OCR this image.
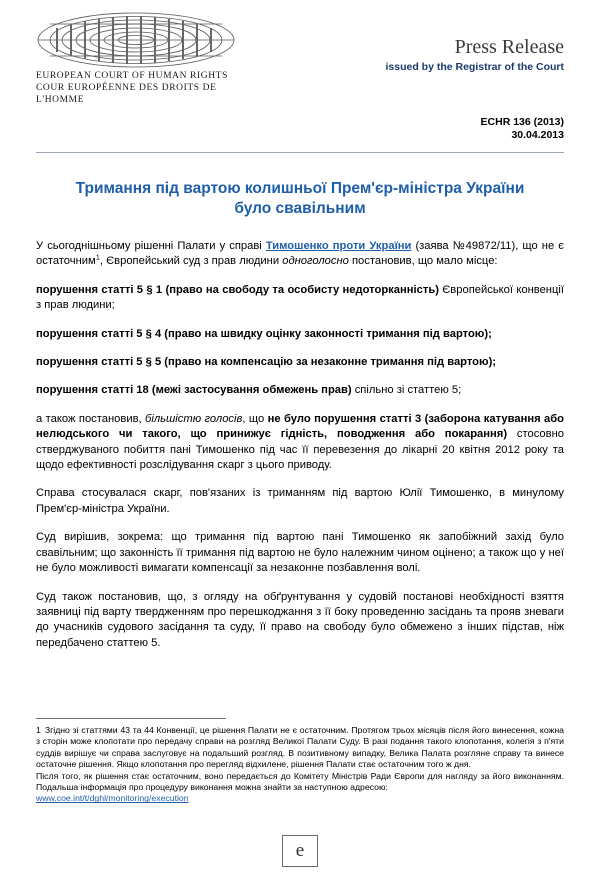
EUROPEAN COURT OF HUMAN RIGHTS
COUR EUROPÉENNE DES DROITS DE L'HOMME
Press Release
issued by the Registrar of the Court
ECHR 136 (2013)
30.04.2013
Тримання під вартою колишньої Прем'єр-міністра України
було свавільним

У сьогоднішньому рішенні Палати у справі Тимошенко проти України (заява №49872/11), що не є остаточним$^1$, Європейський суд з прав людини одноголосно постановив, що мало місце:

порушення статті 5 § 1 (право на свободу та особисту недоторканність) Європейської конвенції з прав людини;

порушення статті 5 § 4 (право на швидку оцінку законності тримання під вартою);

порушення статті 5 § 5 (право на компенсацію за незаконне тримання під вартою);

порушення статті 18 (межі застосування обмежень прав) спільно зі статтею 5;

а також постановив, більшістю голосів, що не було порушення статті 3 (заборона катування або нелюдського чи такого, що принижує гідність, поводження або покарання) стосовно стверджуваного побиття пані Тимошенко під час її перевезення до лікарні 20 квітня 2012 року та щодо ефективності розслідування скарг з цього приводу.

Справа стосувалася скарг, пов'язаних із триманням під вартою Юлії Тимошенко, в минулому Прем'єр-міністра України.

Суд вирішив, зокрема: що тримання під вартою пані Тимошенко як запобіжний захід було свавільним; що законність її тримання під вартою не було належним чином оцінено; а також що у неї не було можливості вимагати компенсації за незаконне позбавлення волі.

Суд також постановив, що, з огляду на обґрунтування у судовій постанові необхідності взяття заявниці під варту твердженням про перешкоджання з її боку проведенню засідань та прояв зневаги до учасників судового засідання та суду, її право на свободу було обмежено з інших підстав, ніж передбачено статтею 5.

1 Згідно зі статтями 43 та 44 Конвенції, це рішення Палати не є остаточним. Протягом трьох місяців після його винесення, кожна з сторін може клопотати про передачу справи на розгляд Великої Палати Суду. В разі подання такого клопотання, колегія з п'яти суддів вирішує чи справа заслуговує на подальший розгляд. В позитивному випадку, Велика Палата розгляне справу та винесе остаточне рішення. Якщо клопотання про перегляд відхилене, рішення Палати стає остаточним того ж дня.
Після того, як рішення стає остаточним, воно передається до Комітету Міністрів Ради Європи для нагляду за його виконанням. Подальша інформація про процедуру виконання можна знайти за наступною адресою:
www.coe.int/t/dghl/monitoring/execution
e
